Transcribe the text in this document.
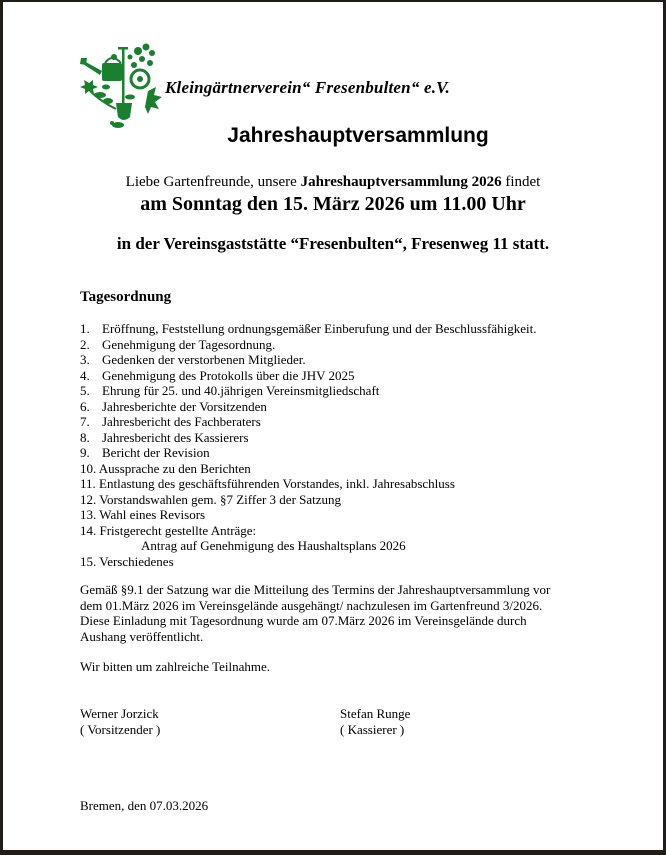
Kleingärtnerverein“ Fresenbulten“ e.V.
Jahreshauptversammlung
Liebe Gartenfreunde, unsere Jahreshauptversammlung 2026 findet
am Sonntag den 15. März 2026 um 11.00 Uhr
in der Vereinsgaststätte “Fresenbulten“, Fresenweg 11 statt.
Tagesordnung
1. Eröffnung, Feststellung ordnungsgemäßer Einberufung und der Beschlussfähigkeit.
2. Genehmigung der Tagesordnung.
3. Gedenken der verstorbenen Mitglieder.
4. Genehmigung des Protokolls über die JHV 2025
5. Ehrung für 25. und 40.jährigen Vereinsmitgliedschaft
6. Jahresberichte der Vorsitzenden
7. Jahresbericht des Fachberaters
8. Jahresbericht des Kassierers
9. Bericht der Revision
10. Aussprache zu den Berichten
11. Entlastung des geschäftsführenden Vorstandes, inkl. Jahresabschluss
12. Vorstandswahlen gem. §7 Ziffer 3 der Satzung
13. Wahl eines Revisors
14. Fristgerecht gestellte Anträge:
Antrag auf Genehmigung des Haushaltsplans 2026
15. Verschiedenes
Gemäß §9.1 der Satzung war die Mitteilung des Termins der Jahreshauptversammlung vor
dem 01.März 2026 im Vereinsgelände ausgehängt/ nachzulesen im Gartenfreund 3/2026.
Diese Einladung mit Tagesordnung wurde am 07.März 2026 im Vereinsgelände durch
Aushang veröffentlicht.
Wir bitten um zahlreiche Teilnahme.
Werner Jorzick
( Vorsitzender )
Stefan Runge
( Kassierer )
Bremen, den 07.03.2026
